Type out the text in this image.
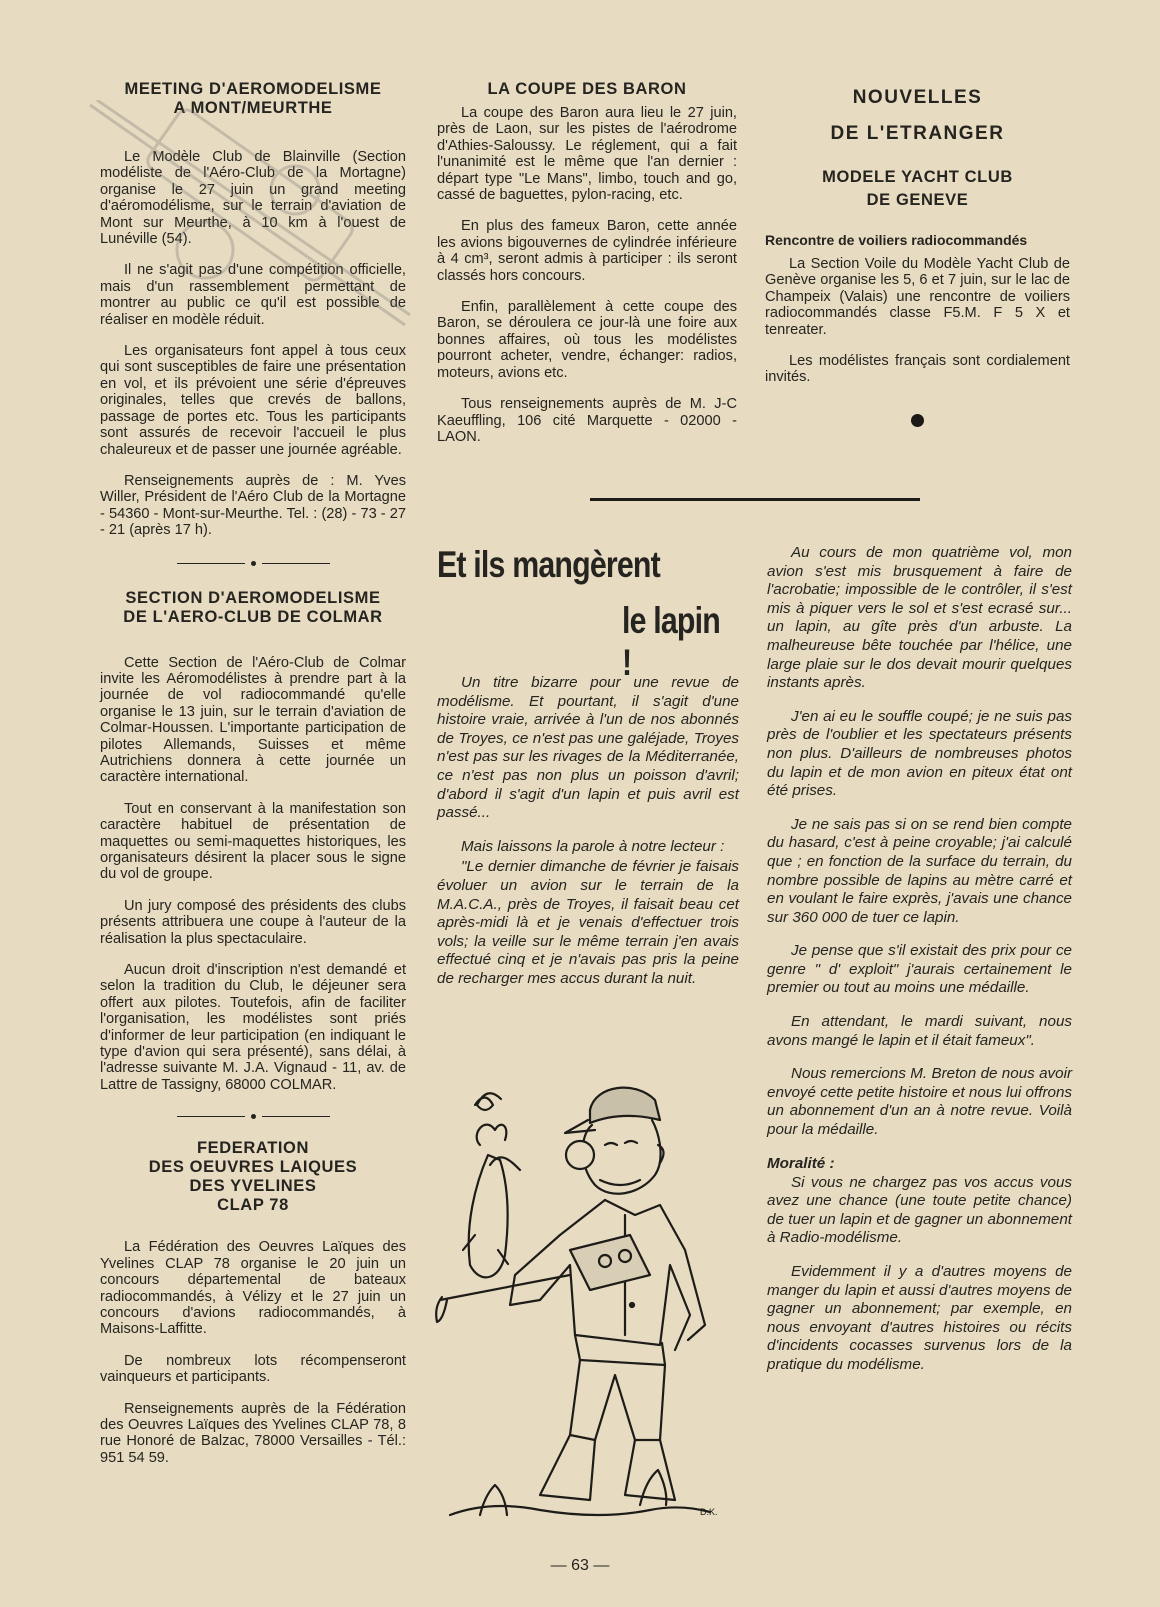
MEETING D'AEROMODELISME
A MONT/MEURTHE

Le Modèle Club de Blainville (Section modéliste de l'Aéro-Club de la Mortagne) organise le 27 juin un grand meeting d'aéromodélisme, sur le terrain d'aviation de Mont sur Meurthe, à 10 km à l'ouest de Lunéville (54).

Il ne s'agit pas d'une compétition officielle, mais d'un rassemblement permettant de montrer au public ce qu'il est possible de réaliser en modèle réduit.

Les organisateurs font appel à tous ceux qui sont susceptibles de faire une présentation en vol, et ils prévoient une série d'épreuves originales, telles que crevés de ballons, passage de portes etc. Tous les participants sont assurés de recevoir l'accueil le plus chaleureux et de passer une journée agréable.

Renseignements auprès de : M. Yves Willer, Président de l'Aéro Club de la Mortagne - 54360 - Mont-sur-Meurthe. Tel. : (28) - 73 - 27 - 21 (après 17 h).

SECTION D'AEROMODELISME
DE L'AERO-CLUB DE COLMAR

Cette Section de l'Aéro-Club de Colmar invite les Aéromodélistes à prendre part à la journée de vol radiocommandé qu'elle organise le 13 juin, sur le terrain d'aviation de Colmar-Houssen. L'importante participation de pilotes Allemands, Suisses et même Autrichiens donnera à cette journée un caractère international.

Tout en conservant à la manifestation son caractère habituel de présentation de maquettes ou semi-maquettes historiques, les organisateurs désirent la placer sous le signe du vol de groupe.

Un jury composé des présidents des clubs présents attribuera une coupe à l'auteur de la réalisation la plus spectaculaire.

Aucun droit d'inscription n'est demandé et selon la tradition du Club, le déjeuner sera offert aux pilotes. Toutefois, afin de faciliter l'organisation, les modélistes sont priés d'informer de leur participation (en indiquant le type d'avion qui sera présenté), sans délai, à l'adresse suivante M. J.A. Vignaud - 11, av. de Lattre de Tassigny, 68000 COLMAR.

FEDERATION
DES OEUVRES LAIQUES
DES YVELINES
CLAP 78

La Fédération des Oeuvres Laïques des Yvelines CLAP 78 organise le 20 juin un concours départemental de bateaux radiocommandés, à Vélizy et le 27 juin un concours d'avions radiocommandés, à Maisons-Laffitte.

De nombreux lots récompenseront vainqueurs et participants.

Renseignements auprès de la Fédération des Oeuvres Laïques des Yvelines CLAP 78, 8 rue Honoré de Balzac, 78000 Versailles - Tél.: 951 54 59.

LA COUPE DES BARON

La coupe des Baron aura lieu le 27 juin, près de Laon, sur les pistes de l'aérodrome d'Athies-Saloussy. Le réglement, qui a fait l'unanimité est le même que l'an dernier : départ type "Le Mans", limbo, touch and go, cassé de baguettes, pylon-racing, etc.

En plus des fameux Baron, cette année les avions bigouvernes de cylindrée inférieure à 4 cm³, seront admis à participer : ils seront classés hors concours.

Enfin, parallèlement à cette coupe des Baron, se déroulera ce jour-là une foire aux bonnes affaires, où tous les modélistes pourront acheter, vendre, échanger: radios, moteurs, avions etc.

Tous renseignements auprès de M. J-C Kaeuffling, 106 cité Marquette - 02000 - LAON.

NOUVELLES
DE L'ETRANGER
MODELE YACHT CLUB
DE GENEVE

Rencontre de voiliers radiocommandés

La Section Voile du Modèle Yacht Club de Genève organise les 5, 6 et 7 juin, sur le lac de Champeix (Valais) une rencontre de voiliers radiocommandés classe F5.M. F 5 X et tenreater.

Les modélistes français sont cordialement invités.

Et ils mangèrent
le lapin !

Un titre bizarre pour une revue de modélisme. Et pourtant, il s'agit d'une histoire vraie, arrivée à l'un de nos abonnés de Troyes, ce n'est pas une galéjade, Troyes n'est pas sur les rivages de la Méditerranée, ce n'est pas non plus un poisson d'avril; d'abord il s'agit d'un lapin et puis avril est passé...

Mais laissons la parole à notre lecteur :

"Le dernier dimanche de février je faisais évoluer un avion sur le terrain de la M.A.C.A., près de Troyes, il faisait beau cet après-midi là et je venais d'effectuer trois vols; la veille sur le même terrain j'en avais effectué cinq et je n'avais pas pris la peine de recharger mes accus durant la nuit.

D.K.

Au cours de mon quatrième vol, mon avion s'est mis brusquement à faire de l'acrobatie; impossible de le contrôler, il s'est mis à piquer vers le sol et s'est ecrasé sur... un lapin, au gîte près d'un arbuste. La malheureuse bête touchée par l'hélice, une large plaie sur le dos devait mourir quelques instants après.

J'en ai eu le souffle coupé; je ne suis pas près de l'oublier et les spectateurs présents non plus. D'ailleurs de nombreuses photos du lapin et de mon avion en piteux état ont été prises.

Je ne sais pas si on se rend bien compte du hasard, c'est à peine croyable; j'ai calculé que ; en fonction de la surface du terrain, du nombre possible de lapins au mètre carré et en voulant le faire exprès, j'avais une chance sur 360 000 de tuer ce lapin.

Je pense que s'il existait des prix pour ce genre " d' exploit" j'aurais certainement le premier ou tout au moins une médaille.

En attendant, le mardi suivant, nous avons mangé le lapin et il était fameux".

Nous remercions M. Breton de nous avoir envoyé cette petite histoire et nous lui offrons un abonnement d'un an à notre revue. Voilà pour la médaille.

Moralité :

Si vous ne chargez pas vos accus vous avez une chance (une toute petite chance) de tuer un lapin et de gagner un abonnement à Radio-modélisme.

Evidemment il y a d'autres moyens de manger du lapin et aussi d'autres moyens de gagner un abonnement; par exemple, en nous envoyant d'autres histoires ou récits d'incidents cocasses survenus lors de la pratique du modélisme.

— 63 —
